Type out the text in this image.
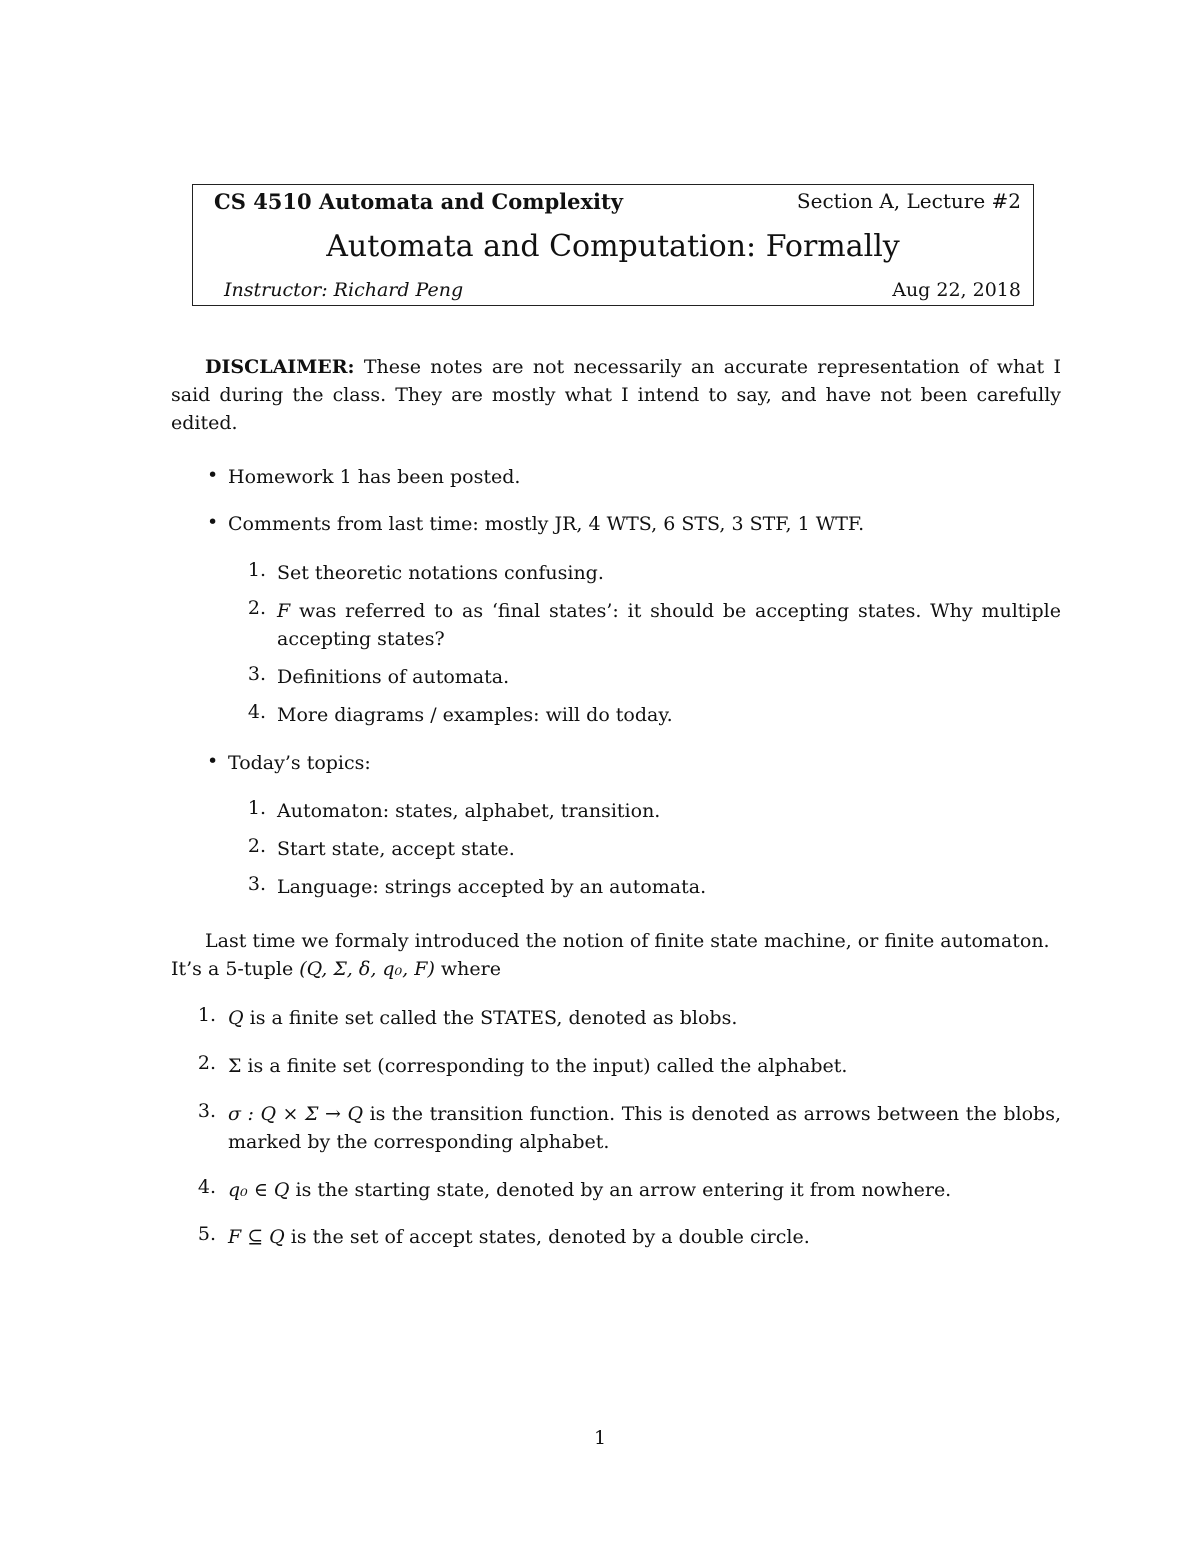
CS 4510 Automata and Complexity	Section A, Lecture #2
Automata and Computation: Formally
Instructor: Richard Peng	Aug 22, 2018
DISCLAIMER: These notes are not necessarily an accurate representation of what I said during the class. They are mostly what I intend to say, and have not been carefully edited.
• Homework 1 has been posted.
• Comments from last time: mostly JR, 4 WTS, 6 STS, 3 STF, 1 WTF.
1. Set theoretic notations confusing.
2. F was referred to as ‘final states’: it should be accepting states. Why multiple accepting states?
3. Definitions of automata.
4. More diagrams / examples: will do today.
• Today’s topics:
1. Automaton: states, alphabet, transition.
2. Start state, accept state.
3. Language: strings accepted by an automata.
Last time we formaly introduced the notion of finite state machine, or finite automaton.
It’s a 5-tuple (Q, Σ, δ, q₀, F) where
1. Q is a finite set called the STATES, denoted as blobs.
2. Σ is a finite set (corresponding to the input) called the alphabet.
3. σ : Q × Σ → Q is the transition function. This is denoted as arrows between the blobs, marked by the corresponding alphabet.
4. q₀ ∈ Q is the starting state, denoted by an arrow entering it from nowhere.
5. F ⊆ Q is the set of accept states, denoted by a double circle.
1
